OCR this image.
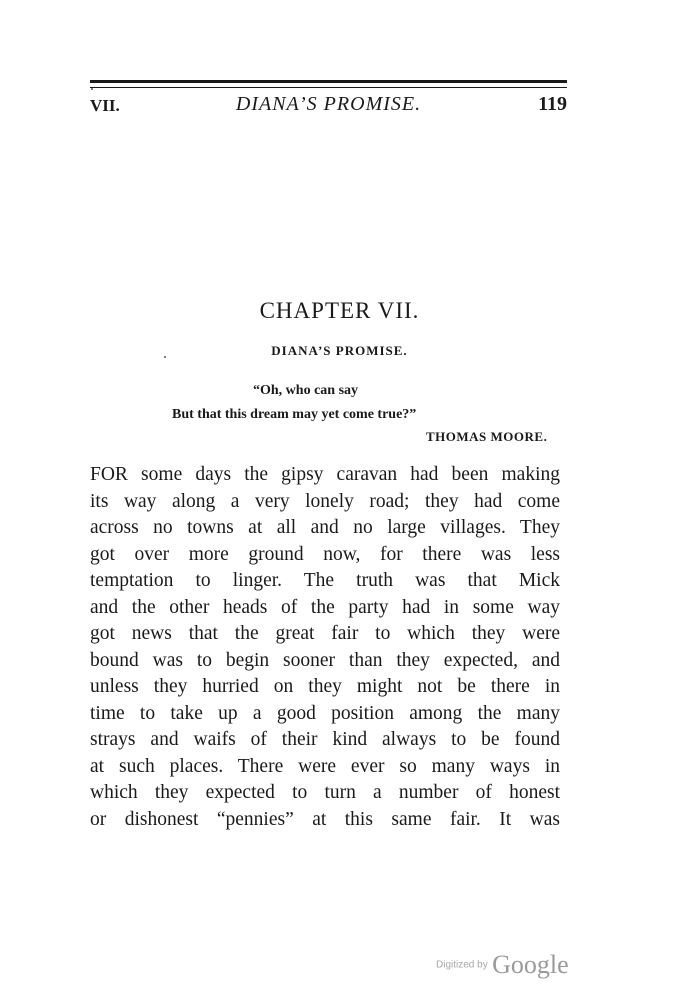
VII.	DIANA’S PROMISE.	119
CHAPTER VII.
DIANA’S PROMISE.
“Oh, who can say
But that this dream may yet come true?”
THOMAS MOORE.
FOR some days the gipsy caravan had been making
its way along a very lonely road; they had come
across no towns at all and no large villages. They
got over more ground now, for there was less
temptation to linger. The truth was that Mick
and the other heads of the party had in some way
got news that the great fair to which they were
bound was to begin sooner than they expected, and
unless they hurried on they might not be there in
time to take up a good position among the many
strays and waifs of their kind always to be found
at such places. There were ever so many ways in
which they expected to turn a number of honest
or dishonest “pennies” at this same fair. It was
Digitized by Google
